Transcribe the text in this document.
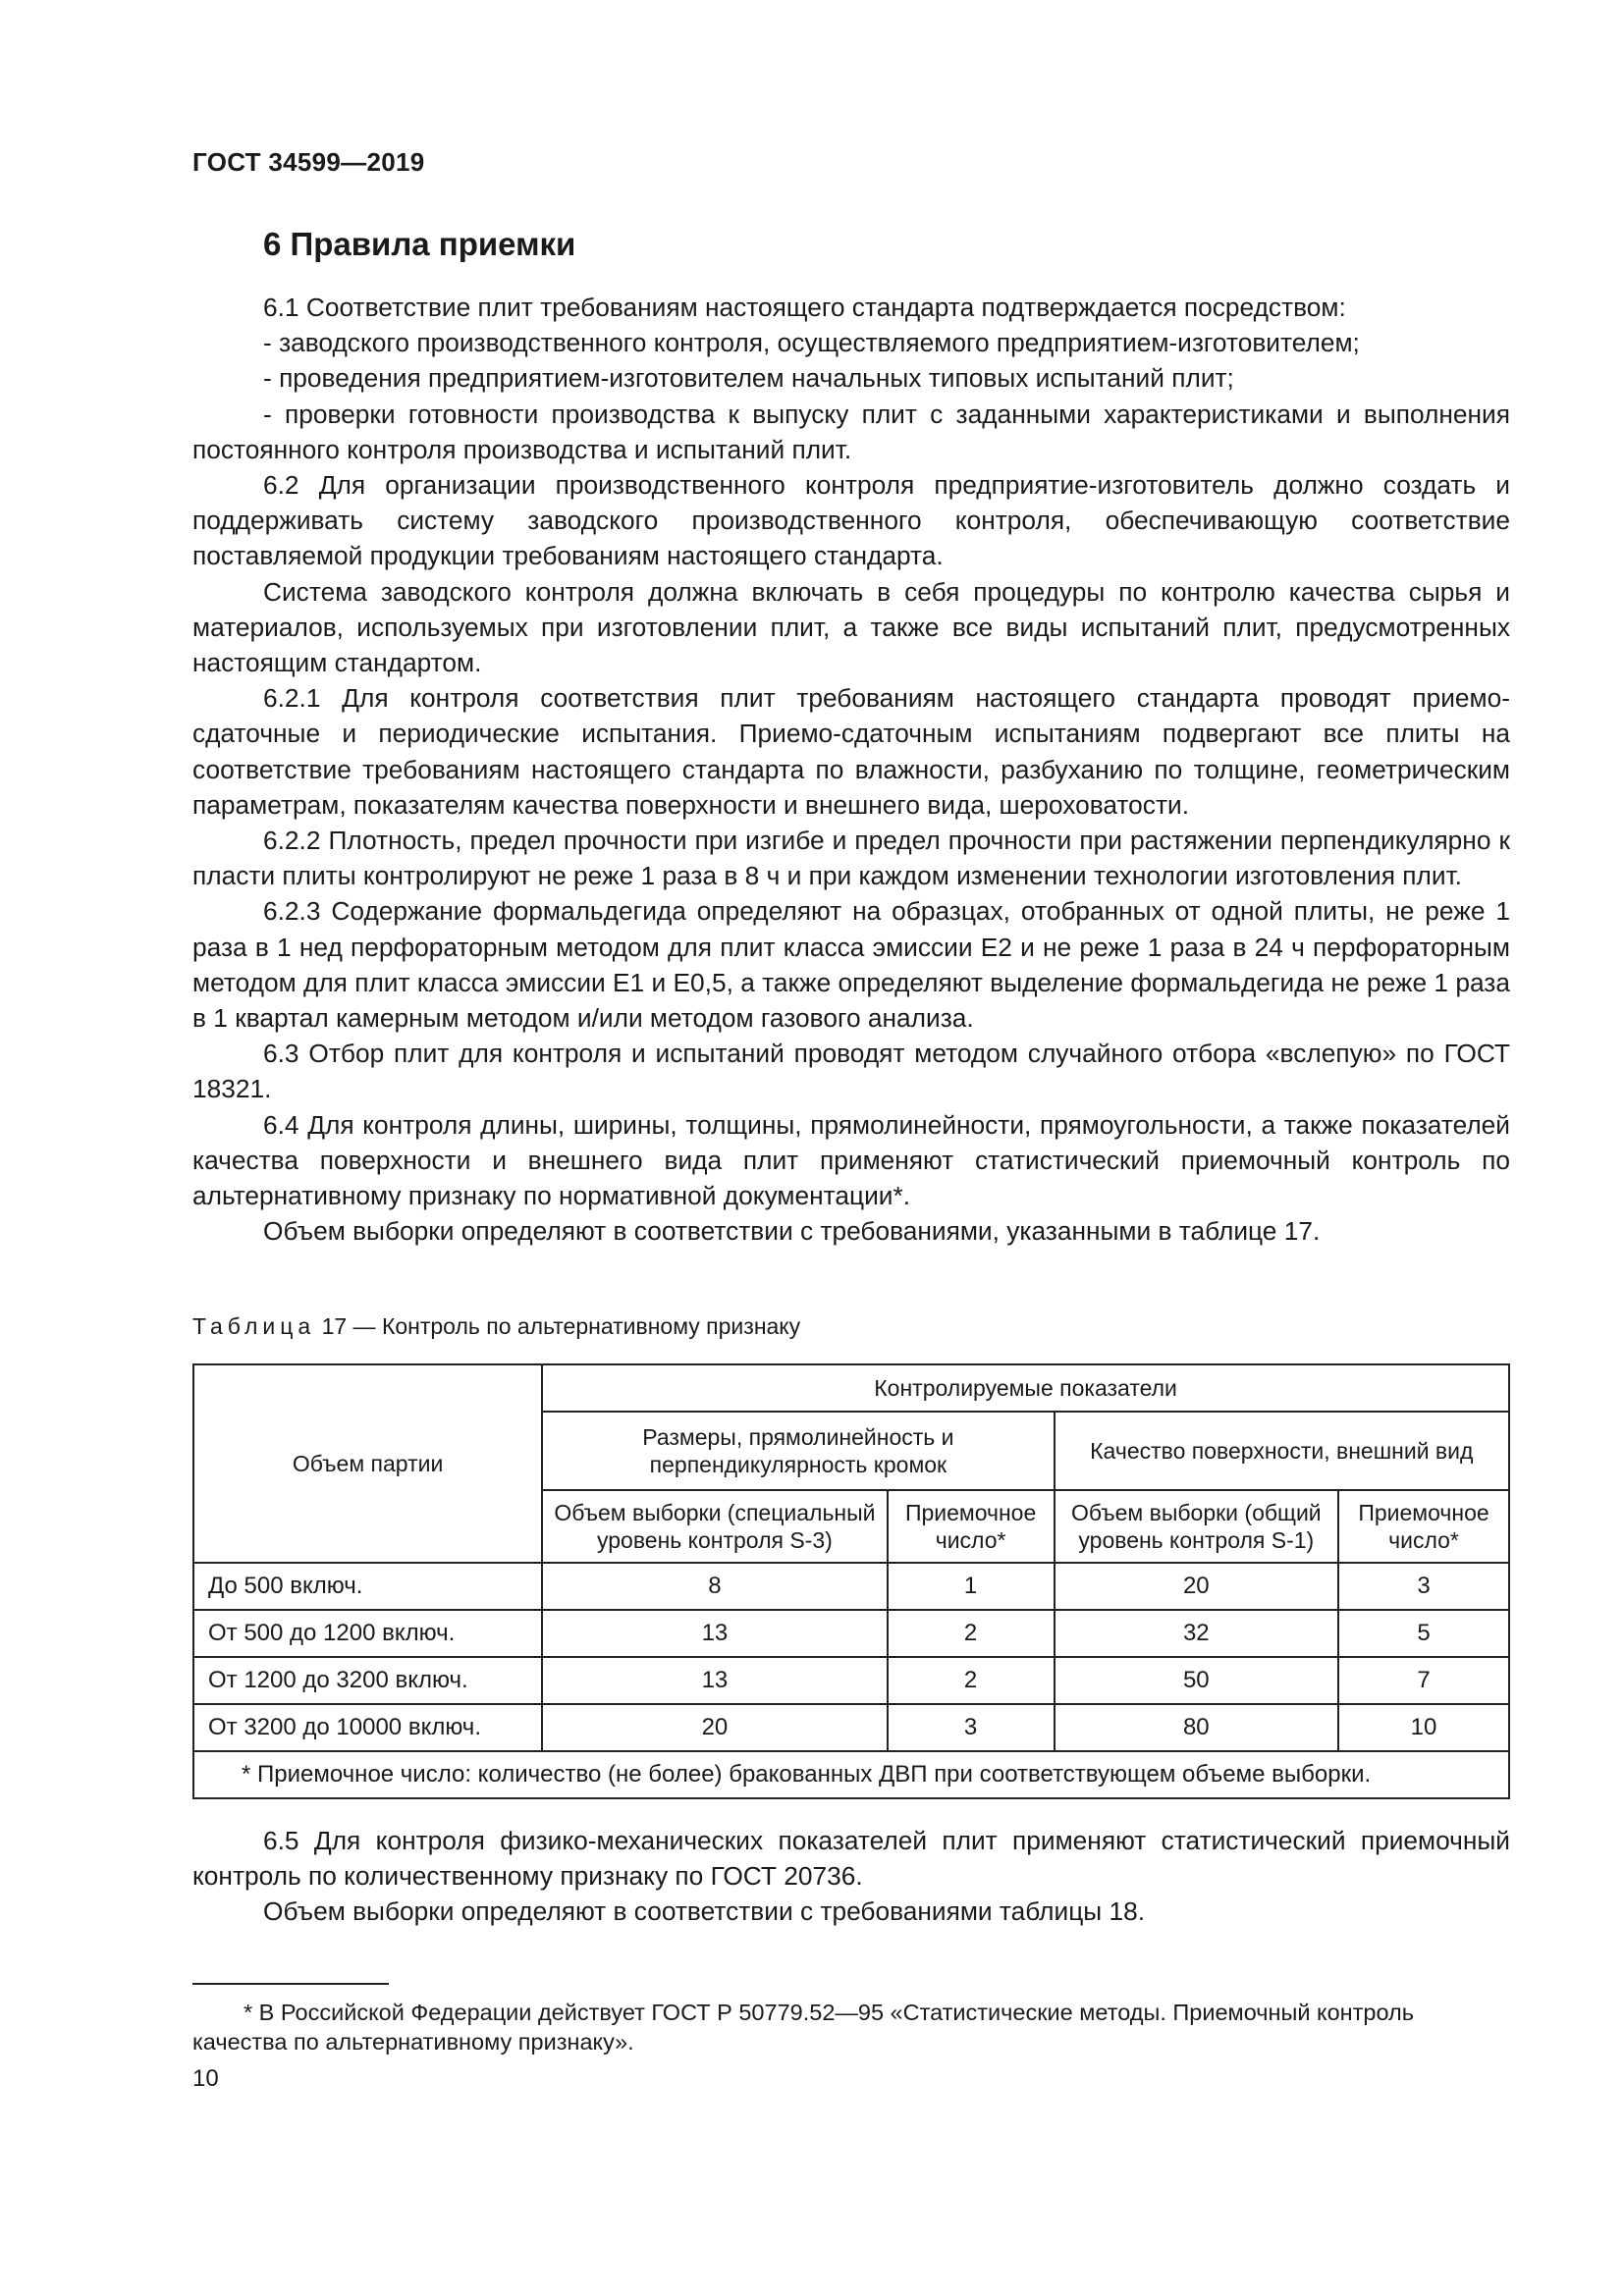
ГОСТ 34599—2019
6 Правила приемки

6.1 Соответствие плит требованиям настоящего стандарта подтверждается посредством:

- заводского производственного контроля, осуществляемого предприятием-изготовителем;

- проведения предприятием-изготовителем начальных типовых испытаний плит;

- проверки готовности производства к выпуску плит с заданными характеристиками и выполнения постоянного контроля производства и испытаний плит.

6.2 Для организации производственного контроля предприятие-изготовитель должно создать и поддерживать систему заводского производственного контроля, обеспечивающую соответствие поставляемой продукции требованиям настоящего стандарта.

Система заводского контроля должна включать в себя процедуры по контролю качества сырья и материалов, используемых при изготовлении плит, а также все виды испытаний плит, предусмотренных настоящим стандартом.

6.2.1 Для контроля соответствия плит требованиям настоящего стандарта проводят приемо-сдаточные и периодические испытания. Приемо-сдаточным испытаниям подвергают все плиты на соответствие требованиям настоящего стандарта по влажности, разбуханию по толщине, геометрическим параметрам, показателям качества поверхности и внешнего вида, шероховатости.

6.2.2 Плотность, предел прочности при изгибе и предел прочности при растяжении перпендикулярно к пласти плиты контролируют не реже 1 раза в 8 ч и при каждом изменении технологии изготовления плит.

6.2.3 Содержание формальдегида определяют на образцах, отобранных от одной плиты, не реже 1 раза в 1 нед перфораторным методом для плит класса эмиссии Е2 и не реже 1 раза в 24 ч перфораторным методом для плит класса эмиссии Е1 и Е0,5, а также определяют выделение формальдегида не реже 1 раза в 1 квартал камерным методом и/или методом газового анализа.

6.3 Отбор плит для контроля и испытаний проводят методом случайного отбора «вслепую» по ГОСТ 18321.

6.4 Для контроля длины, ширины, толщины, прямолинейности, прямоугольности, а также показателей качества поверхности и внешнего вида плит применяют статистический приемочный контроль по альтернативному признаку по нормативной документации*.

Объем выборки определяют в соответствии с требованиями, указанными в таблице 17.

Таблица 17 — Контроль по альтернативному признаку
Объем партии	Контролируемые показатели			
	Размеры, прямолинейность и перпендикулярность кромок		Качество поверхности, внешний вид	
	Объем выборки (специальный уровень контроля S-3)	Приемочное число*	Объем выборки (общий уровень контроля S-1)	Приемочное число*
До 500 включ.	8	1	20	3
От 500 до 1200 включ.	13	2	32	5
От 1200 до 3200 включ.	13	2	50	7
От 3200 до 10000 включ.	20	3	80	10
* Приемочное число: количество (не более) бракованных ДВП при соответствующем объеме выборки.				

6.5 Для контроля физико-механических показателей плит применяют статистический приемочный контроль по количественному признаку по ГОСТ 20736.

Объем выборки определяют в соответствии с требованиями таблицы 18.

* В Российской Федерации действует ГОСТ Р 50779.52—95 «Статистические методы. Приемочный контроль качества по альтернативному признаку».

10
